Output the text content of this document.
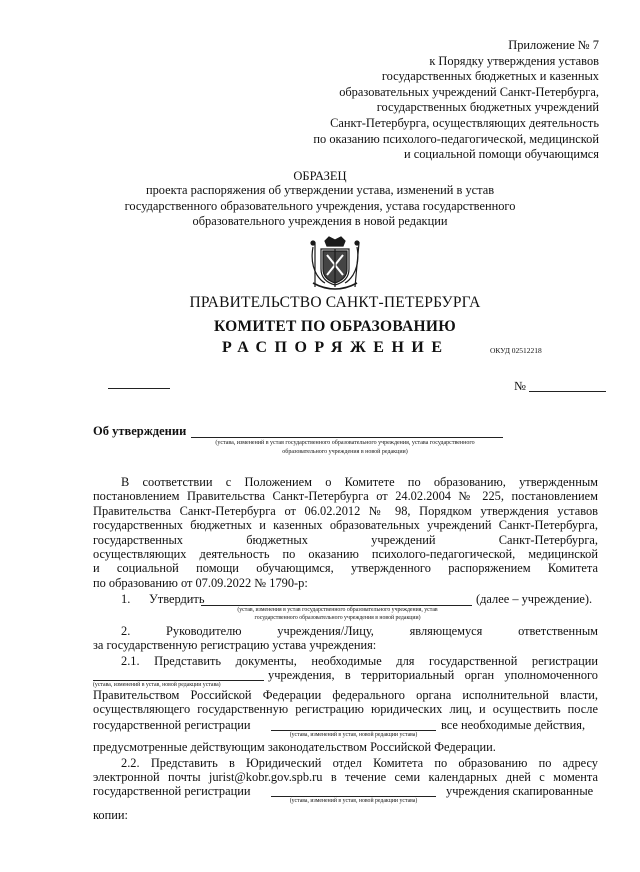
Приложение № 7
к Порядку утверждения уставов
государственных бюджетных и казенных
образовательных учреждений Санкт-Петербурга,
государственных бюджетных учреждений
Санкт-Петербурга, осуществляющих деятельность
по оказанию психолого-педагогической, медицинской
и социальной помощи обучающимся
ОБРАЗЕЦ
проекта распоряжения об утверждении устава, изменений в устав
государственного образовательного учреждения, устава государственного
образовательного учреждения в новой редакции
ПРАВИТЕЛЬСТВО САНКТ-ПЕТЕРБУРГА
КОМИТЕТ ПО ОБРАЗОВАНИЮ
РАСПОРЯЖЕНИЕ	ОКУД 02512218
№
Об утверждении
(устава, изменений в устав государственного образовательного учреждения, устава государственного
образовательного учреждения в новой редакции)
В соответствии с Положением о Комитете по образованию, утвержденным
постановлением Правительства Санкт-Петербурга от 24.02.2004 № 225, постановлением
Правительства Санкт-Петербурга от 06.02.2012 № 98, Порядком утверждения уставов
государственных бюджетных и казенных образовательных учреждений Санкт-Петербурга,
государственных бюджетных учреждений Санкт-Петербурга,
осуществляющих деятельность по оказанию психолого-педагогической, медицинской
и социальной помощи обучающимся, утвержденного распоряжением Комитета
по образованию от 07.09.2022 № 1790-р:
1. Утвердить	(далее – учреждение).
(устав, изменения в устав государственного образовательного учреждения, устав
государственного образовательного учреждения в новой редакции)
2. Руководителю учреждения/Лицу, являющемуся ответственным
за государственную регистрацию устава учреждения:
2.1. Представить документы, необходимые для государственной регистрации
(устава, изменений в устав, новой редакции устава)
учреждения, в территориальный орган уполномоченного
Правительством Российской Федерации федерального органа исполнительной власти,
осуществляющего государственную регистрацию юридических лиц, и осуществить после
государственной регистрации
(устава, изменений в устав, новой редакции устава)
все необходимые действия,
предусмотренные действующим законодательством Российской Федерации.
2.2. Представить в Юридический отдел Комитета по образованию по адресу
электронной почты jurist@kobr.gov.spb.ru в течение семи календарных дней с момента
государственной регистрации
(устава, изменений в устав, новой редакции устава)
учреждения скапированные
копии:
